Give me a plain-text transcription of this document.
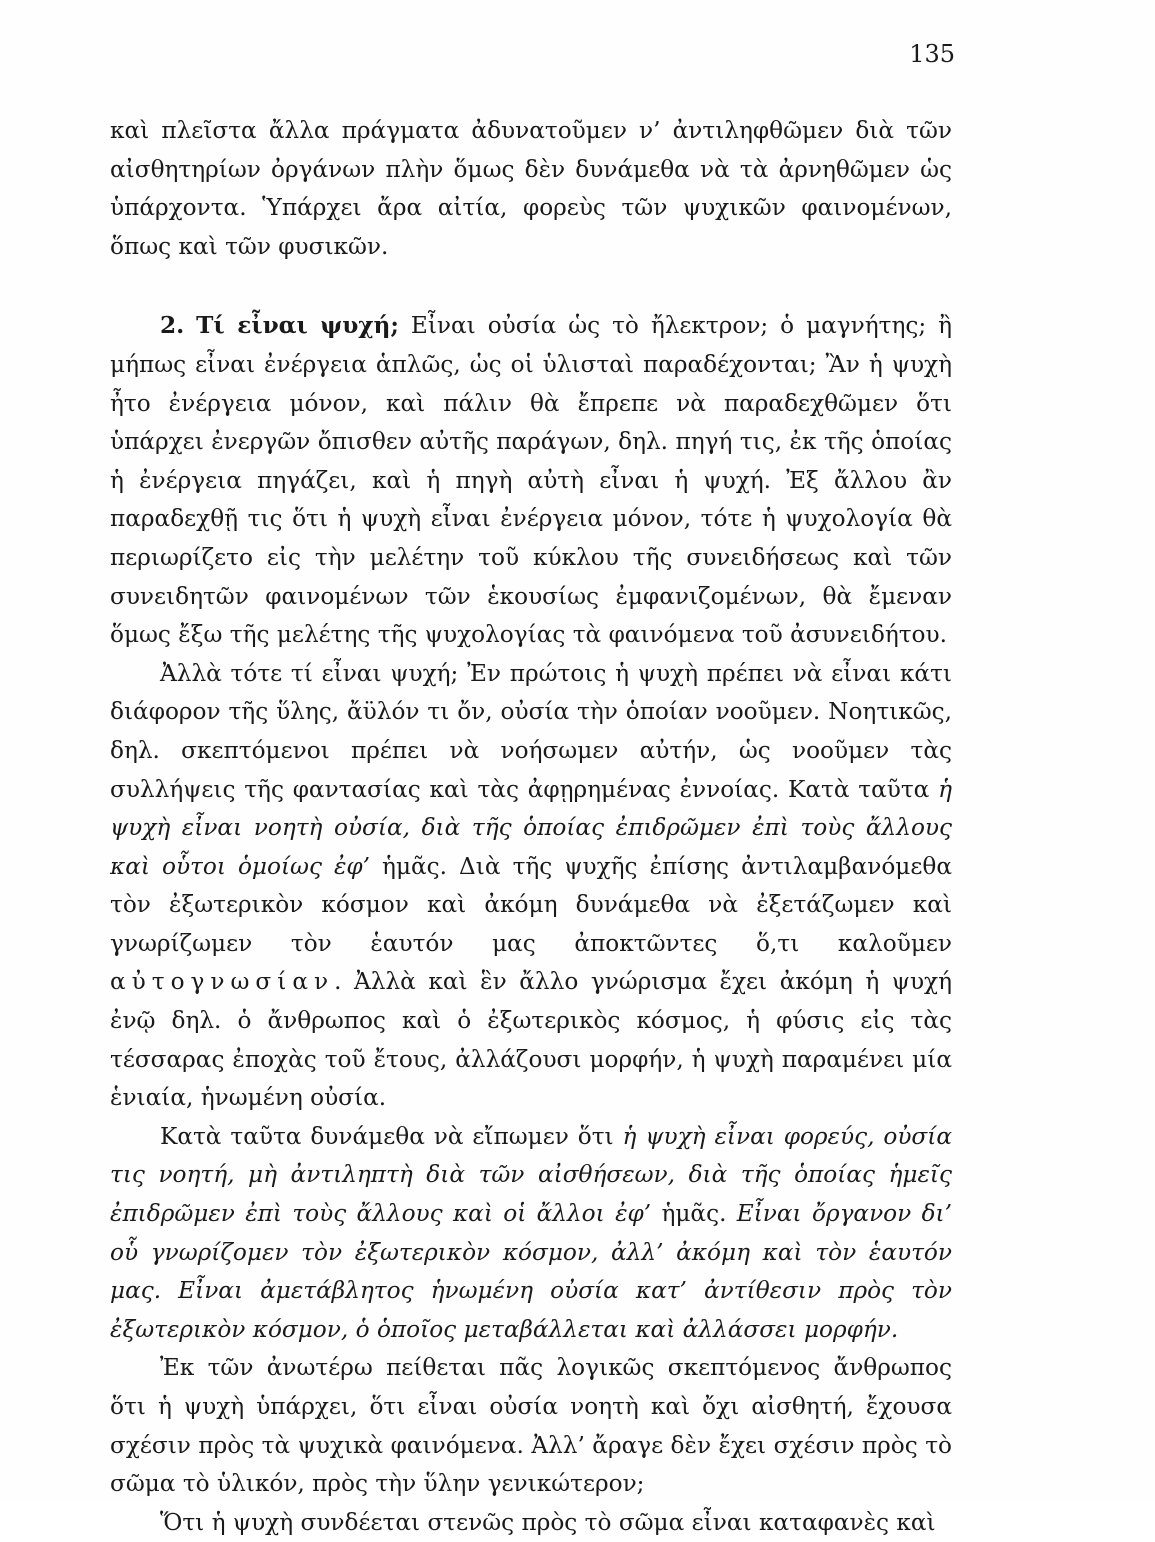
135

καὶ πλεῖστα ἄλλα πράγματα ἀδυνατοῦμεν ν’ ἀντιληφθῶμεν διὰ τῶν αἰσθητηρίων ὀργάνων πλὴν ὅμως δὲν δυνάμεθα νὰ τὰ ἀρνηθῶμεν ὡς ὑπάρχοντα. Ὑπάρχει ἄρα αἰτία, φορεὺς τῶν ψυχικῶν φαινομένων, ὅπως καὶ τῶν φυσικῶν.

2. Τί εἶναι ψυχή; Εἶναι οὐσία ὡς τὸ ἤλεκτρον; ὁ μαγνήτης; ἢ μήπως εἶναι ἐνέργεια ἁπλῶς, ὡς οἱ ὑλισταὶ παραδέχονται; Ἂν ἡ ψυχὴ ἦτο ἐνέργεια μόνον, καὶ πάλιν θὰ ἔπρεπε νὰ παραδεχθῶμεν ὅτι ὑπάρχει ἐνεργῶν ὄπισθεν αὐτῆς παράγων, δηλ. πηγή τις, ἐκ τῆς ὁποίας ἡ ἐνέργεια πηγάζει, καὶ ἡ πηγὴ αὐτὴ εἶναι ἡ ψυχή. Ἐξ ἄλλου ἂν παραδεχθῇ τις ὅτι ἡ ψυχὴ εἶναι ἐνέργεια μόνον, τότε ἡ ψυχολογία θὰ περιωρίζετο εἰς τὴν μελέτην τοῦ κύκλου τῆς συνειδήσεως καὶ τῶν συνειδητῶν φαινομένων τῶν ἑκουσίως ἐμφανιζομένων, θὰ ἔμεναν ὅμως ἔξω τῆς μελέτης τῆς ψυχολογίας τὰ φαινόμενα τοῦ ἀσυνειδήτου.

Ἀλλὰ τότε τί εἶναι ψυχή; Ἐν πρώτοις ἡ ψυχὴ πρέπει νὰ εἶναι κάτι διάφορον τῆς ὕλης, ἄϋλόν τι ὄν, οὐσία τὴν ὁποίαν νοοῦμεν. Νοητικῶς, δηλ. σκεπτόμενοι πρέπει νὰ νοήσωμεν αὐτήν, ὡς νοοῦμεν τὰς συλλήψεις τῆς φαντασίας καὶ τὰς ἀφῃρημένας ἐννοίας. Κατὰ ταῦτα ἡ ψυχὴ εἶναι νοητὴ οὐσία, διὰ τῆς ὁποίας ἐπιδρῶμεν ἐπὶ τοὺς ἄλλους καὶ οὗτοι ὁμοίως ἐφ’ ἡμᾶς. Διὰ τῆς ψυχῆς ἐπίσης ἀντιλαμβανόμεθα τὸν ἐξωτερικὸν κόσμον καὶ ἀκόμη δυνάμεθα νὰ ἐξετάζωμεν καὶ γνωρίζωμεν τὸν ἑαυτόν μας ἀποκτῶντες ὅ,τι καλοῦμεν αὐτογνωσίαν. Ἀλλὰ καὶ ἓν ἄλλο γνώρισμα ἔχει ἀκόμη ἡ ψυχή ἐνῷ δηλ. ὁ ἄνθρωπος καὶ ὁ ἐξωτερικὸς κόσμος, ἡ φύσις εἰς τὰς τέσσαρας ἐποχὰς τοῦ ἔτους, ἀλλάζουσι μορφήν, ἡ ψυχὴ παραμένει μία ἑνιαία, ἡνωμένη οὐσία.

Κατὰ ταῦτα δυνάμεθα νὰ εἴπωμεν ὅτι ἡ ψυχὴ εἶναι φορεύς, οὐσία τις νοητή, μὴ ἀντιληπτὴ διὰ τῶν αἰσθήσεων, διὰ τῆς ὁποίας ἡμεῖς ἐπιδρῶμεν ἐπὶ τοὺς ἄλλους καὶ οἱ ἄλλοι ἐφ’ ἡμᾶς. Εἶναι ὄργανον δι’ οὗ γνωρίζομεν τὸν ἐξωτερικὸν κόσμον, ἀλλ’ ἀκόμη καὶ τὸν ἑαυτόν μας. Εἶναι ἀμετάβλητος ἡνωμένη οὐσία κατ’ ἀντίθεσιν πρὸς τὸν ἐξωτερικὸν κόσμον, ὁ ὁποῖος μεταβάλλεται καὶ ἀλλάσσει μορφήν.

Ἐκ τῶν ἀνωτέρω πείθεται πᾶς λογικῶς σκεπτόμενος ἄνθρωπος ὅτι ἡ ψυχὴ ὑπάρχει, ὅτι εἶναι οὐσία νοητὴ καὶ ὄχι αἰσθητή, ἔχουσα σχέσιν πρὸς τὰ ψυχικὰ φαινόμενα. Ἀλλ’ ἄραγε δὲν ἔχει σχέσιν πρὸς τὸ σῶμα τὸ ὑλικόν, πρὸς τὴν ὕλην γενικώτερον;

Ὅτι ἡ ψυχὴ συνδέεται στενῶς πρὸς τὸ σῶμα εἶναι καταφανὲς καὶ
